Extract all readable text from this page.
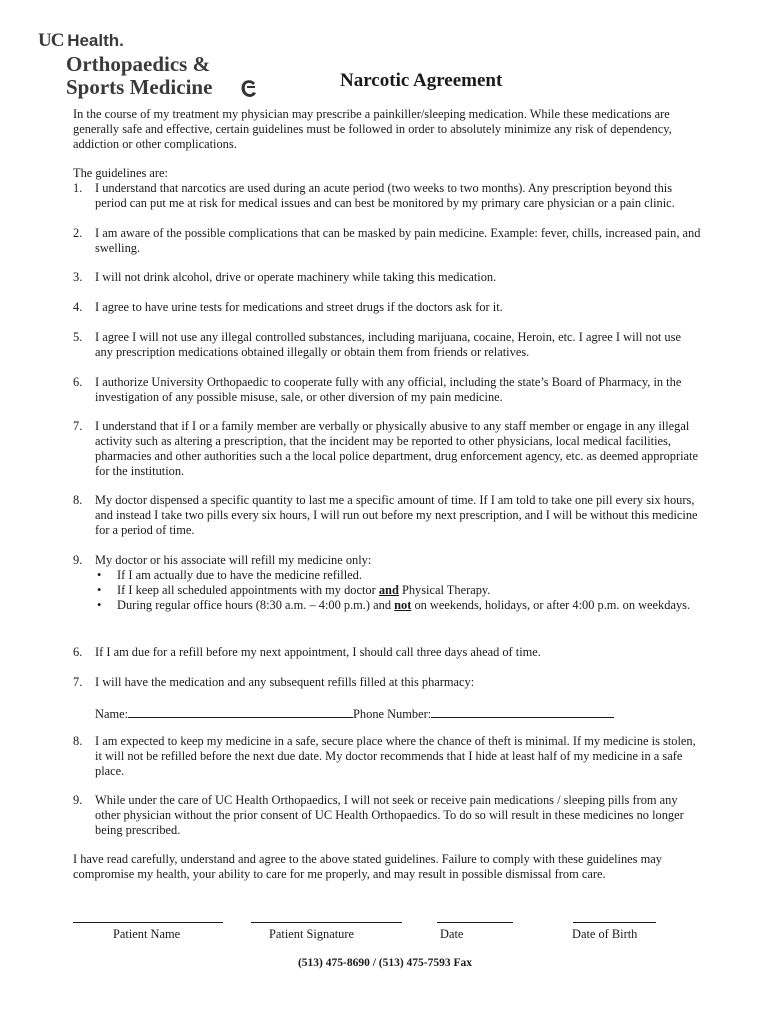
UC Health.
Orthopaedics &
Sports Medicine	Narcotic Agreement
In the course of my treatment my physician may prescribe a painkiller/sleeping medication. While these medications are generally safe and effective, certain guidelines must be followed in order to absolutely minimize any risk of dependency, addiction or other complications.
The guidelines are:
1.	I understand that narcotics are used during an acute period (two weeks to two months). Any prescription beyond this period can put me at risk for medical issues and can best be monitored by my primary care physician or a pain clinic.
2.	I am aware of the possible complications that can be masked by pain medicine. Example: fever, chills, increased pain, and swelling.
3.	I will not drink alcohol, drive or operate machinery while taking this medication.
4.	I agree to have urine tests for medications and street drugs if the doctors ask for it.
5.	I agree I will not use any illegal controlled substances, including marijuana, cocaine, Heroin, etc. I agree I will not use any prescription medications obtained illegally or obtain them from friends or relatives.
6.	I authorize University Orthopaedic to cooperate fully with any official, including the state’s Board of Pharmacy, in the investigation of any possible misuse, sale, or other diversion of my pain medicine.
7.	I understand that if I or a family member are verbally or physically abusive to any staff member or engage in any illegal activity such as altering a prescription, that the incident may be reported to other physicians, local medical facilities, pharmacies and other authorities such a the local police department, drug enforcement agency, etc. as deemed appropriate for the institution.
8.	My doctor dispensed a specific quantity to last me a specific amount of time. If I am told to take one pill every six hours, and instead I take two pills every six hours, I will run out before my next prescription, and I will be without this medicine for a period of time.
9.	My doctor or his associate will refill my medicine only:
• If I am actually due to have the medicine refilled.
• If I keep all scheduled appointments with my doctor and Physical Therapy.
• During regular office hours (8:30 a.m. – 4:00 p.m.) and not on weekends, holidays, or after 4:00 p.m. on weekdays.
6.	If I am due for a refill before my next appointment, I should call three days ahead of time.
7.	I will have the medication and any subsequent refills filled at this pharmacy:
Name:	Phone Number:
8.	I am expected to keep my medicine in a safe, secure place where the chance of theft is minimal. If my medicine is stolen, it will not be refilled before the next due date. My doctor recommends that I hide at least half of my medicine in a safe place.
9.	While under the care of UC Health Orthopaedics, I will not seek or receive pain medications / sleeping pills from any other physician without the prior consent of UC Health Orthopaedics. To do so will result in these medicines no longer being prescribed.
I have read carefully, understand and agree to the above stated guidelines. Failure to comply with these guidelines may compromise my health, your ability to care for me properly, and may result in possible dismissal from care.
Patient Name	Patient Signature	Date	Date of Birth
(513) 475-8690 / (513) 475-7593 Fax
